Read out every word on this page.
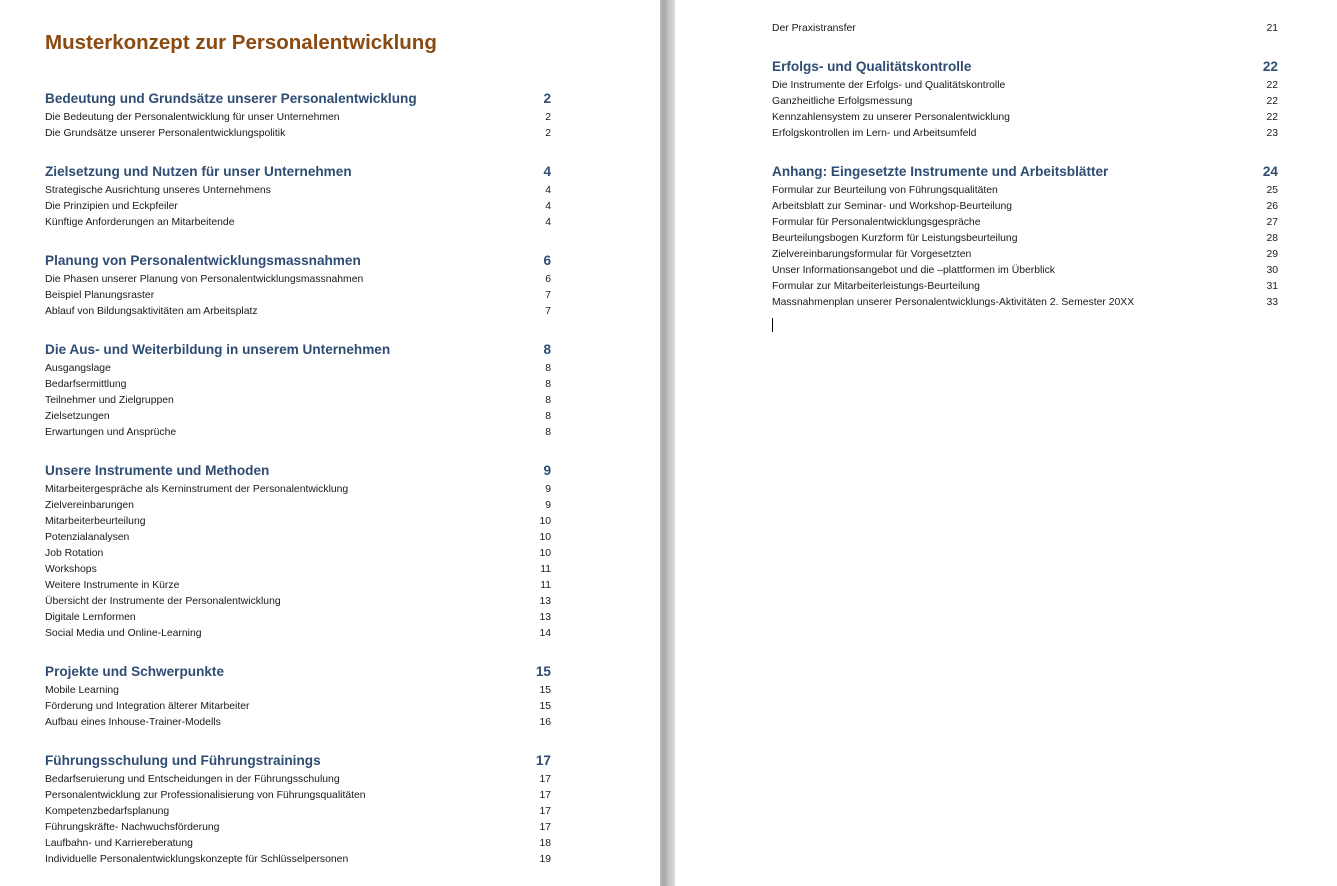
Musterkonzept zur Personalentwicklung
Bedeutung und Grundsätze unserer Personalentwicklung	2
Die Bedeutung der Personalentwicklung für unser Unternehmen	2
Die Grundsätze unserer Personalentwicklungspolitik	2
Zielsetzung und Nutzen für unser Unternehmen	4
Strategische Ausrichtung unseres Unternehmens	4
Die Prinzipien und Eckpfeiler	4
Künftige Anforderungen an Mitarbeitende	4
Planung von Personalentwicklungsmassnahmen	6
Die Phasen unserer Planung von Personalentwicklungsmassnahmen	6
Beispiel Planungsraster	7
Ablauf von Bildungsaktivitäten am Arbeitsplatz	7
Die Aus- und Weiterbildung in unserem Unternehmen	8
Ausgangslage	8
Bedarfsermittlung	8
Teilnehmer und Zielgruppen	8
Zielsetzungen	8
Erwartungen und Ansprüche	8
Unsere Instrumente und Methoden	9
Mitarbeitergespräche als Kerninstrument der Personalentwicklung	9
Zielvereinbarungen	9
Mitarbeiterbeurteilung	10
Potenzialanalysen	10
Job Rotation	10
Workshops	11
Weitere Instrumente in Kürze	11
Übersicht der Instrumente der Personalentwicklung	13
Digitale Lernformen	13
Social Media und Online-Learning	14
Projekte und Schwerpunkte	15
Mobile Learning	15
Förderung und Integration älterer Mitarbeiter	15
Aufbau eines Inhouse-Trainer-Modells	16
Führungsschulung und Führungstrainings	17
Bedarfseruierung und Entscheidungen in der Führungsschulung	17
Personalentwicklung zur Professionalisierung von Führungsqualitäten	17
Kompetenzbedarfsplanung	17
Führungskräfte- Nachwuchsförderung	17
Laufbahn- und Karriereberatung	18
Individuelle Personalentwicklungskonzepte für Schlüsselpersonen	19
Der Praxistransfer	21
Erfolgs- und Qualitätskontrolle	22
Die Instrumente der Erfolgs- und Qualitätskontrolle	22
Ganzheitliche Erfolgsmessung	22
Kennzahlensystem zu unserer Personalentwicklung	22
Erfolgskontrollen im Lern- und Arbeitsumfeld	23
Anhang: Eingesetzte Instrumente und Arbeitsblätter	24
Formular zur Beurteilung von Führungsqualitäten	25
Arbeitsblatt zur Seminar- und Workshop-Beurteilung	26
Formular für Personalentwicklungsgespräche	27
Beurteilungsbogen Kurzform für Leistungsbeurteilung	28
Zielvereinbarungsformular für Vorgesetzten	29
Unser Informationsangebot und die –plattformen im Überblick	30
Formular zur Mitarbeiterleistungs-Beurteilung	31
Massnahmenplan unserer Personalentwicklungs-Aktivitäten 2. Semester 20XX	33
